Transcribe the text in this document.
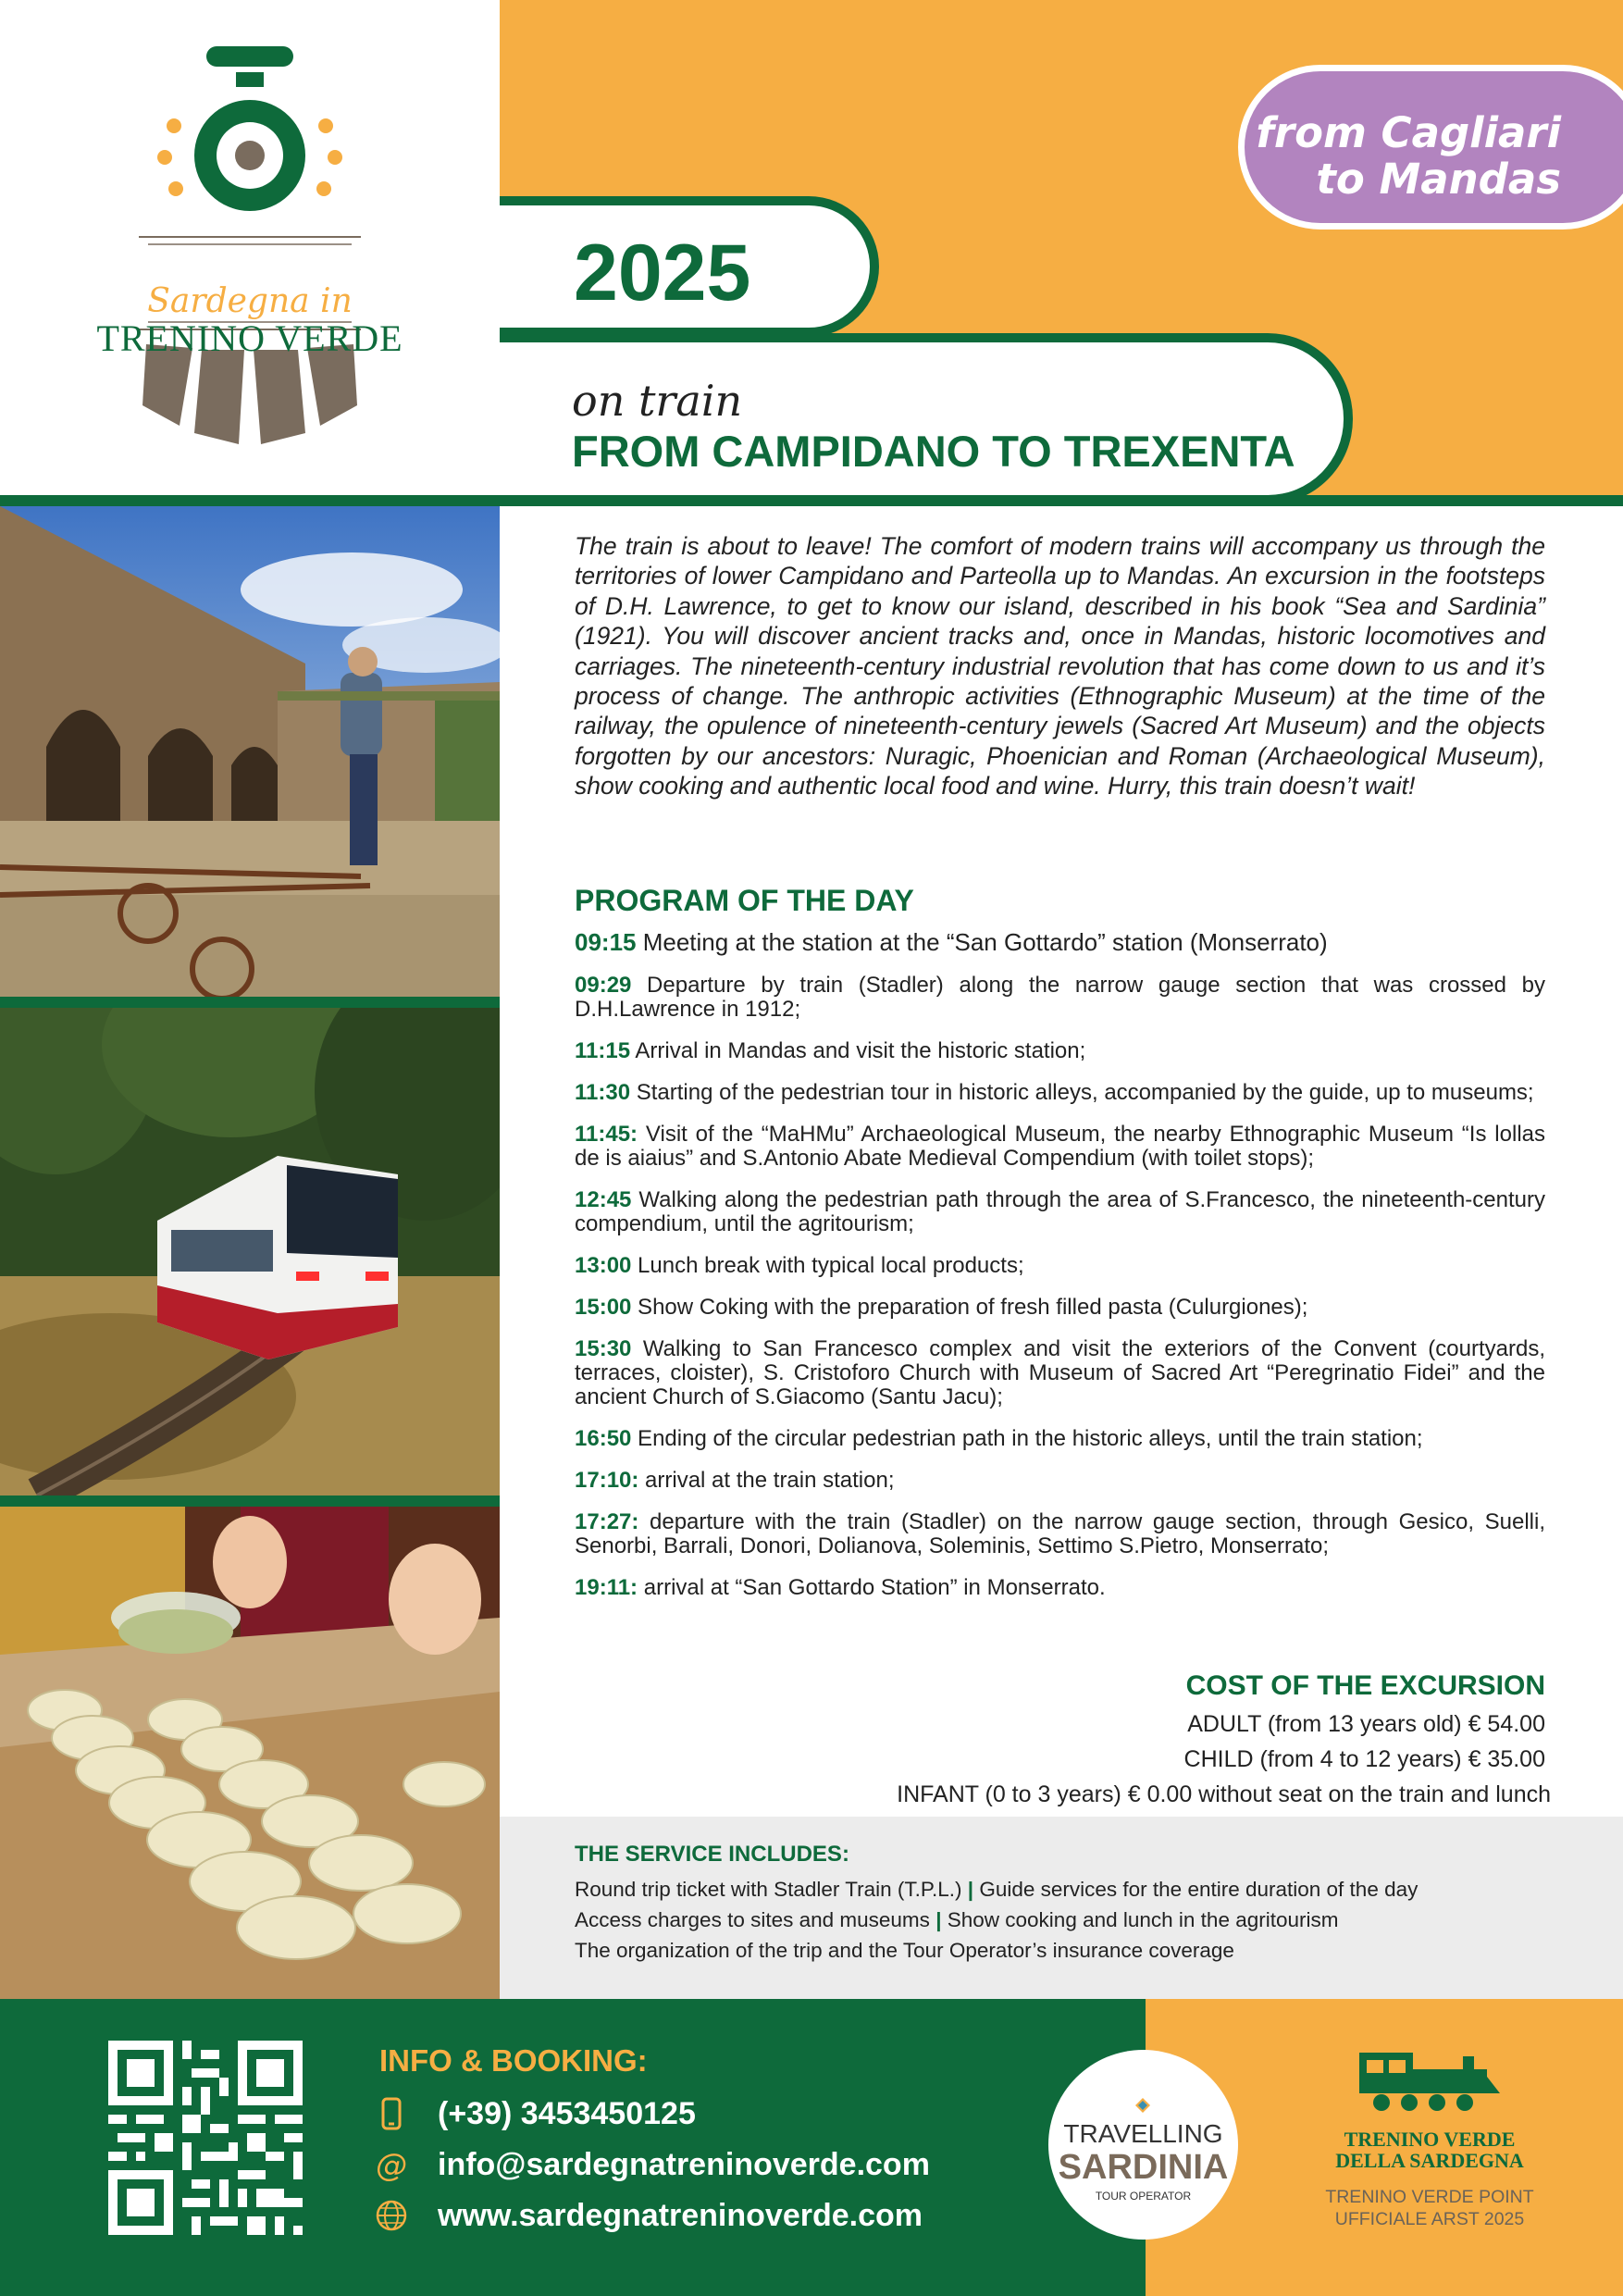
Sardegna in
TRENINO VERDE
from Cagliari
to Mandas
2025
on train
FROM CAMPIDANO TO TREXENTA

The train is about to leave! The comfort of modern trains will accompany us through the territories of lower Campidano and Parteolla up to Mandas. An excursion in the footsteps of D.H. Lawrence, to get to know our island, described in his book “Sea and Sardinia” (1921). You will discover ancient tracks and, once in Mandas, historic locomotives and carriages. The nineteenth-century industrial revolution that has come down to us and it’s process of change. The anthropic activities (Ethnographic Museum) at the time of the railway, the opulence of nineteenth-century jewels (Sacred Art Museum) and the objects forgotten by our ancestors: Nuragic, Phoenician and Roman (Archaeological Museum), show cooking and authentic local food and wine. Hurry, this train doesn’t wait!

PROGRAM OF THE DAY
09:15 Meeting at the station at the “San Gottardo” station (Monserrato)
09:29 Departure by train (Stadler) along the narrow gauge section that was crossed by D.H.Lawrence in 1912;
11:15 Arrival in Mandas and visit the historic station;
11:30 Starting of the pedestrian tour in historic alleys, accompanied by the guide, up to museums;
11:45: Visit of the “MaHMu” Archaeological Museum, the nearby Ethnographic Museum “Is lollas de is aiaius” and S.Antonio Abate Medieval Compendium (with toilet stops);
12:45 Walking along the pedestrian path through the area of S.Francesco, the nineteenth-century compendium, until the agritourism;
13:00 Lunch break with typical local products;
15:00 Show Coking with the preparation of fresh filled pasta (Culurgiones);
15:30 Walking to San Francesco complex and visit the exteriors of the Convent (courtyards, terraces, cloister), S. Cristoforo Church with Museum of Sacred Art “Peregrinatio Fidei” and the ancient Church of S.Giacomo (Santu Jacu);
16:50 Ending of the circular pedestrian path in the historic alleys, until the train station;
17:10: arrival at the train station;
17:27: departure with the train (Stadler) on the narrow gauge section, through Gesico, Suelli, Senorbi, Barrali, Donori, Dolianova, Soleminis, Settimo S.Pietro, Monserrato;
19:11: arrival at “San Gottardo Station” in Monserrato.
COST OF THE EXCURSION
ADULT (from 13 years old) € 54.00
CHILD (from 4 to 12 years) € 35.00
INFANT (0 to 3 years) € 0.00 without seat on the train and lunch
THE SERVICE INCLUDES:
Round trip ticket with Stadler Train (T.P.L.) | Guide services for the entire duration of the day
Access charges to sites and museums | Show cooking and lunch in the agritourism
The organization of the trip and the Tour Operator’s insurance coverage
INFO & BOOKING:
(+39) 3453450125
@ info@sardegnatreninoverde.com
www.sardegnatreninoverde.com
TRAVELLING
SARDINIA
TOUR OPERATOR
TRENINO VERDE
DELLA SARDEGNA
TRENINO VERDE POINT
UFFICIALE ARST 2025
